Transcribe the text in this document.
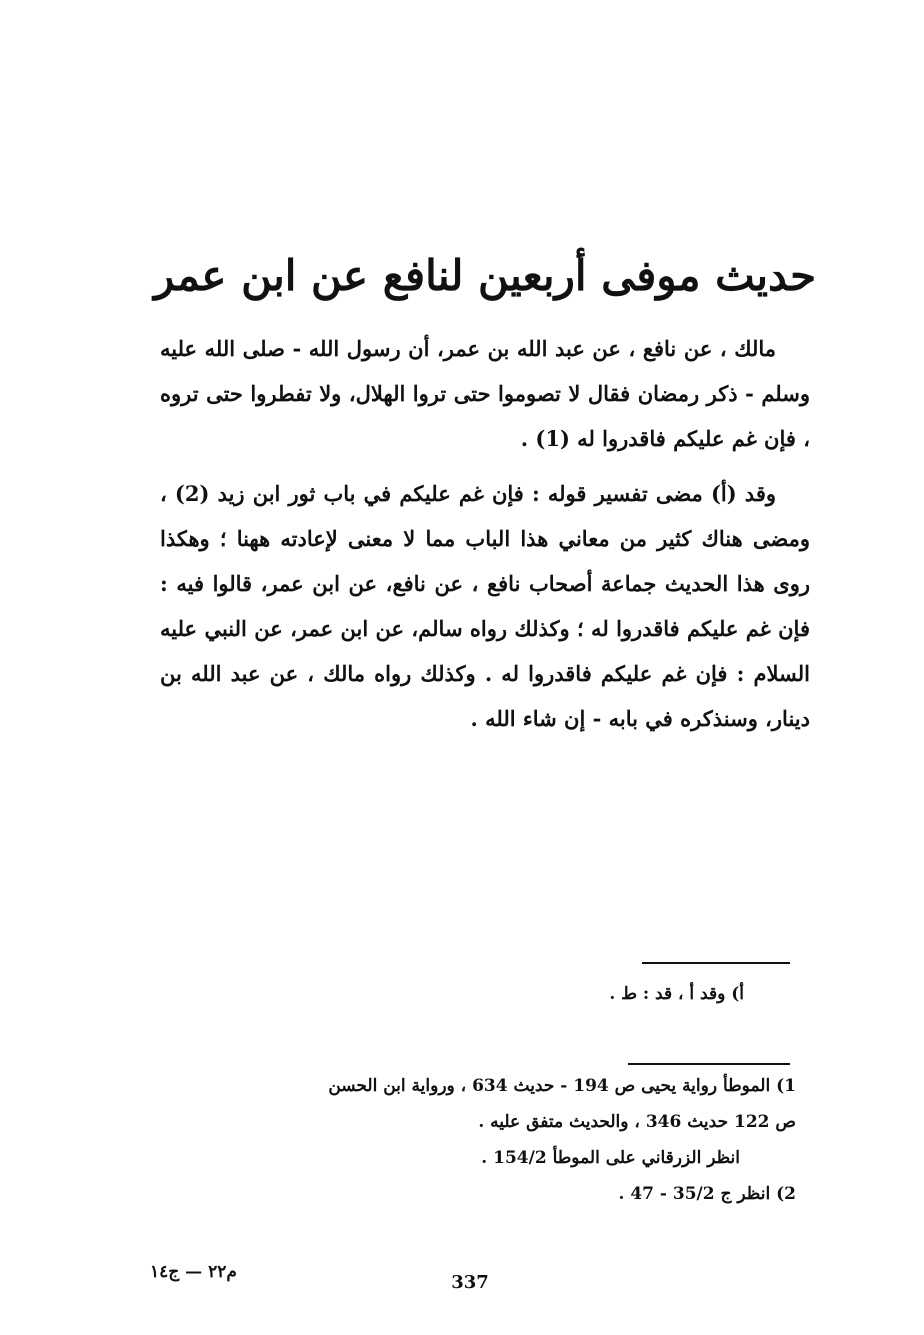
حديث موفى أربعين لنافع عن ابن عمر

مالك ، عن نافع ، عن عبد الله بن عمر، أن رسول الله - صلى الله عليه وسلم - ذكر رمضان فقال لا تصوموا حتى تروا الهلال، ولا تفطروا حتى تروه ، فإن غم عليكم فاقدروا له (1) .

وقد (أ) مضى تفسير قوله : فإن غم عليكم في باب ثور ابن زيد (2) ، ومضى هناك كثير من معاني هذا الباب مما لا معنى لإعادته ههنا ؛ وهكذا روى هذا الحديث جماعة أصحاب نافع ، عن نافع، عن ابن عمر، قالوا فيه : فإن غم عليكم فاقدروا له ؛ وكذلك رواه سالم، عن ابن عمر، عن النبي عليه السلام : فإن غم عليكم فاقدروا له . وكذلك رواه مالك ، عن عبد الله بن دينار، وسنذكره في بابه - إن شاء الله .

أ) وقد أ ، قد : ط .

1) الموطأ رواية يحيى ص 194 - حديث 634 ، ورواية ابن الحسن

ص 122 حديث 346 ، والحديث متفق عليه .

انظر الزرقاني على الموطأ 154/2 .

2) انظر ج 35/2 - 47 .

م٢٢ — ج١٤	337
